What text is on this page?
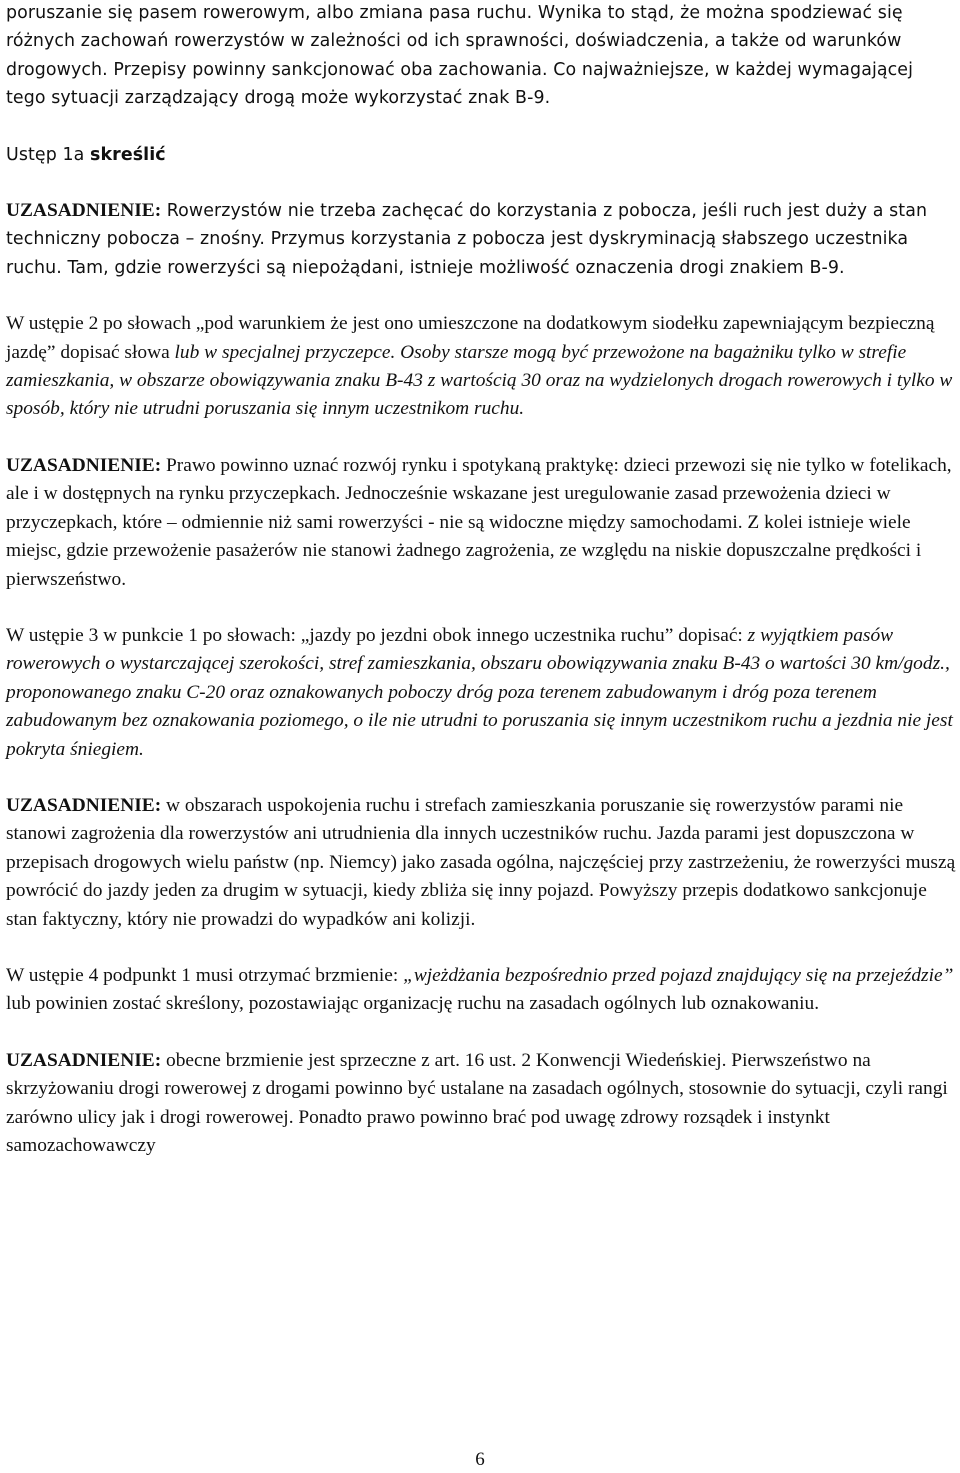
poruszanie się pasem rowerowym, albo zmiana pasa ruchu. Wynika to stąd, że można spodziewać się różnych zachowań rowerzystów w zależności od ich sprawności, doświadczenia, a także od warunków drogowych. Przepisy powinny sankcjonować oba zachowania. Co najważniejsze, w każdej wymagającej tego sytuacji zarządzający drogą może wykorzystać znak B-9.

Ustęp 1a skreślić

UZASADNIENIE: Rowerzystów nie trzeba zachęcać do korzystania z pobocza, jeśli ruch jest duży a stan techniczny pobocza – znośny. Przymus korzystania z pobocza jest dyskryminacją słabszego uczestnika ruchu. Tam, gdzie rowerzyści są niepożądani, istnieje możliwość oznaczenia drogi znakiem B-9.

W ustępie 2 po słowach „pod warunkiem że jest ono umieszczone na dodatkowym siodełku zapewniającym bezpieczną jazdę” dopisać słowa lub w specjalnej przyczepce. Osoby starsze mogą być przewożone na bagażniku tylko w strefie zamieszkania, w obszarze obowiązywania znaku B-43 z wartością 30 oraz na wydzielonych drogach rowerowych i tylko w sposób, który nie utrudni poruszania się innym uczestnikom ruchu.

UZASADNIENIE: Prawo powinno uznać rozwój rynku i spotykaną praktykę: dzieci przewozi się nie tylko w fotelikach, ale i w dostępnych na rynku przyczepkach. Jednocześnie wskazane jest uregulowanie zasad przewożenia dzieci w przyczepkach, które – odmiennie niż sami rowerzyści - nie są widoczne między samochodami. Z kolei istnieje wiele miejsc, gdzie przewożenie pasażerów nie stanowi żadnego zagrożenia, ze względu na niskie dopuszczalne prędkości i pierwszeństwo.

W ustępie 3 w punkcie 1 po słowach: „jazdy po jezdni obok innego uczestnika ruchu” dopisać: z wyjątkiem pasów rowerowych o wystarczającej szerokości, stref zamieszkania, obszaru obowiązywania znaku B-43 o wartości 30 km/godz., proponowanego znaku C-20 oraz oznakowanych poboczy dróg poza terenem zabudowanym i dróg poza terenem zabudowanym bez oznakowania poziomego, o ile nie utrudni to poruszania się innym uczestnikom ruchu a jezdnia nie jest pokryta śniegiem.

UZASADNIENIE: w obszarach uspokojenia ruchu i strefach zamieszkania poruszanie się rowerzystów parami nie stanowi zagrożenia dla rowerzystów ani utrudnienia dla innych uczestników ruchu. Jazda parami jest dopuszczona w przepisach drogowych wielu państw (np. Niemcy) jako zasada ogólna, najczęściej przy zastrzeżeniu, że rowerzyści muszą powrócić do jazdy jeden za drugim w sytuacji, kiedy zbliża się inny pojazd. Powyższy przepis dodatkowo sankcjonuje stan faktyczny, który nie prowadzi do wypadków ani kolizji.

W ustępie 4 podpunkt 1 musi otrzymać brzmienie: „wjeżdżania bezpośrednio przed pojazd znajdujący się na przejeździe” lub powinien zostać skreślony, pozostawiając organizację ruchu na zasadach ogólnych lub oznakowaniu.

UZASADNIENIE: obecne brzmienie jest sprzeczne z art. 16 ust. 2 Konwencji Wiedeńskiej. Pierwszeństwo na skrzyżowaniu drogi rowerowej z drogami powinno być ustalane na zasadach ogólnych, stosownie do sytuacji, czyli rangi zarówno ulicy jak i drogi rowerowej. Ponadto prawo powinno brać pod uwagę zdrowy rozsądek i instynkt samozachowawczy

6
